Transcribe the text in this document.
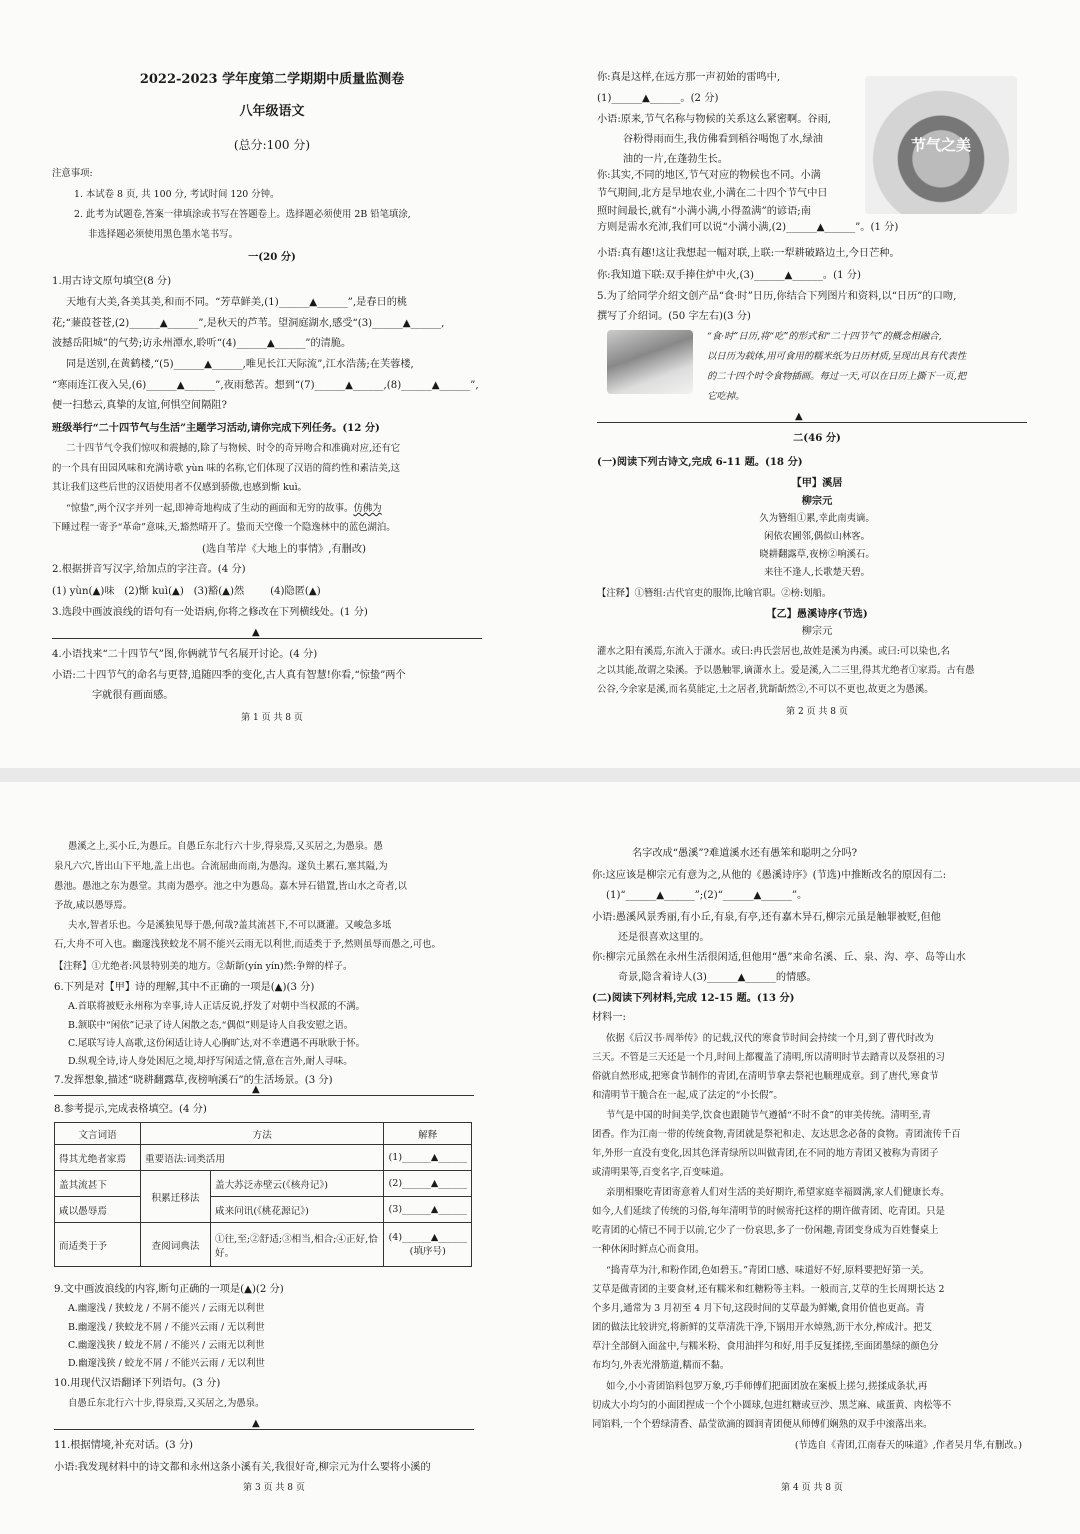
2022-2023 学年度第二学期期中质量监测卷
八年级语文
(总分:100 分)
注意事项:
1. 本试卷 8 页, 共 100 分, 考试时间 120 分钟。
2. 此考为试题卷,答案一律填涂或书写在答题卷上。选择题必须使用 2B 铅笔填涂,
非选择题必须使用黑色墨水笔书写。
一(20 分)
1.用古诗文原句填空(8 分)
天地有大美,各美其美,和而不同。“芳草鲜美,(1)______▲______”,是春日的桃
花;“蒹葭苍苍,(2)______▲______”,是秋天的芦苇。望洞庭湖水,感受“(3)______▲______,
波撼岳阳城”的气势;访永州潭水,聆听“(4)______▲______”的清脆。
同是送别,在黄鹤楼,“(5)______▲______,唯见长江天际流”,江水浩荡;在芙蓉楼,
“寒雨连江夜入吴,(6)______▲______”,夜雨愁苦。想到“(7)______▲______,(8)______▲______”,
便一扫愁云,真挚的友谊,何惧空间隔阻?
班级举行“二十四节气与生活”主题学习活动,请你完成下列任务。(12 分)
二十四节气令我们惊叹和震撼的,除了与物候、时令的奇异吻合和准确对应,还有它
的一个具有田园风味和充满诗歌 yùn 味的名称,它们体现了汉语的简约性和素洁美,这
其让我们这些后世的汉语使用者不仅感到骄傲,也感到惭 kuì。
“惊蛰”,两个汉字并列一起,即神奇地构成了生动的画面和无穷的故事。仿佛为
下睡过程一寄予“革命”意味,天,豁然晴开了。蛰而天空像一个隐逸林中的蓝色湖泊。
(选自苇岸《大地上的事情》,有删改)
2.根据拼音写汉字,给加点的字注音。(4 分)
(1) yùn(▲)味   (2)惭 kuì(▲)   (3)豁(▲)然        (4)隐匿(▲)
3.选段中画波浪线的语句有一处语病,你将之修改在下列横线处。(1 分)
▲
4.小语找来“二十四节气”图,你俩就节气名展开讨论。(4 分)
小语:二十四节气的命名与更替,追随四季的变化,古人真有智慧!你看,“惊蛰”两个
字就很有画面感。
第 1 页 共 8 页
节气之美
你:真是这样,在远方那一声初始的雷鸣中,
(1)______▲______。(2 分)
小语:原来,节气名称与物候的关系这么紧密啊。谷雨,
谷粉得雨而生,我仿佛看到稻谷喝饱了水,绿油
油的一片,在蓬勃生长。
你:其实,不同的地区,节气对应的物候也不同。小满
节气期间,北方是旱地农业,小满在二十四个节气中日
照时间最长,就有“小满小满,小得盈满”的谚语;南
方则是需水充沛,我们可以说“小满小满,(2)______▲______”。(1 分)
小语:真有趣!这让我想起一幅对联,上联:一犁耕破路边土,今日芒种。
你:我知道下联:双手捧住炉中火,(3)______▲______。(1 分)
5.为了给同学介绍文创产品“食·时”日历,你结合下列图片和资料,以“日历”的口吻,
撰写了介绍词。(50 字左右)(3 分)
“食·时”日历,将“吃”的形式和“二十四节气”的概念相融合,
以日历为载体,用可食用的糯米纸为日历材质,呈现出具有代表性
的二十四个时令食物插画。每过一天,可以在日历上撕下一页,把
它吃掉。
▲
二(46 分)
(一)阅读下列古诗文,完成 6-11 题。(18 分)
【甲】溪居
柳宗元
久为簪组①累,幸此南夷谪。
闲依农圃邻,偶似山林客。
晓耕翻露草,夜榜②响溪石。
来往不逢人,长歌楚天碧。
【注释】①簪组:古代官吏的服饰,比喻官职。②榜:划船。
【乙】愚溪诗序(节选)
柳宗元
灌水之阳有溪焉,东流入于潇水。或曰:冉氏尝居也,故姓是溪为冉溪。或曰:可以染也,名
之以其能,故谓之染溪。予以愚触罪,谪潇水上。爱是溪,入二三里,得其尤绝者①家焉。古有愚
公谷,今余家是溪,而名莫能定,土之居者,犹龂龂然②,不可以不更也,故更之为愚溪。
第 2 页 共 8 页
愚溪之上,买小丘,为愚丘。自愚丘东北行六十步,得泉焉,又买居之,为愚泉。愚
泉凡六穴,皆出山下平地,盖上出也。合流屈曲而南,为愚沟。遂负土累石,塞其隘,为
愚池。愚池之东为愚堂。其南为愚亭。池之中为愚岛。嘉木异石错置,皆山水之奇者,以
予故,咸以愚辱焉。
夫水,智者乐也。今是溪独见辱于愚,何哉?盖其流甚下,不可以溉灌。又峻急多坻
石,大舟不可入也。幽邃浅狭蛟龙不屑不能兴云雨无以利世,而适类于予,然则虽辱而愚之,可也。
【注释】①尤绝者:风景特别美的地方。②龂龂(yín yín)然:争辩的样子。
6.下列是对【甲】诗的理解,其中不正确的一项是(▲)(3 分)
A.首联将被贬永州称为幸事,诗人正话反说,抒发了对朝中当权派的不满。
B.颔联中“闲依”记录了诗人闲散之态,“偶似”则是诗人自我安慰之语。
C.尾联写诗人高歌,这份闲适让诗人心胸旷达,对不幸遭遇不再耿耿于怀。
D.纵观全诗,诗人身处困厄之境,却抒写闲适之情,意在言外,耐人寻味。
7.发挥想象,描述“晓耕翻露草,夜榜响溪石”的生活场景。(3 分)
▲
8.参考提示,完成表格填空。(4 分)
文言词语	方法		解释
得其尤绝者家焉	重要语法:词类活用		(1)______▲______
盖其流甚下	积累迁移法	盖大苏泛赤壁云(《核舟记》)	(2)______▲______
咸以愚辱焉		咸来问讯(《桃花源记》)	(3)______▲______
而适类于予	查阅词典法	①往,至;②舒适;③相当,相合;④正好,恰好。	(4)______▲______
(填序号)
9.文中画波浪线的内容,断句正确的一项是(▲)(2 分)
A.幽邃浅 / 狭蛟龙 / 不屑不能兴 / 云雨无以利世
B.幽邃浅 / 狭蛟龙不屑 / 不能兴云雨 / 无以利世
C.幽邃浅狭 / 蛟龙不屑 / 不能兴 / 云雨无以利世
D.幽邃浅狭 / 蛟龙不屑 / 不能兴云雨 / 无以利世
10.用现代汉语翻译下列语句。(3 分)
自愚丘东北行六十步,得泉焉,又买居之,为愚泉。
▲
11.根据情境,补充对话。(3 分)
小语:我发现材料中的诗文都和永州这条小溪有关,我很好奇,柳宗元为什么要将小溪的
第 3 页 共 8 页
名字改成“愚溪”?难道溪水还有愚笨和聪明之分吗?
你:这应该是柳宗元有意为之,从他的《愚溪诗序》(节选)中推断改名的原因有二:
(1)“______▲______”;(2)“______▲______”。
小语:愚溪风景秀丽,有小丘,有泉,有亭,还有嘉木异石,柳宗元虽是触罪被贬,但他
还是很喜欢这里的。
你:柳宗元虽然在永州生活很闲适,但他用“愚”来命名溪、丘、泉、沟、亭、岛等山水
奇景,隐含着诗人(3)______▲______的情感。
(二)阅读下列材料,完成 12-15 题。(13 分)
材料一:
依据《后汉书·周举传》的记载,汉代的寒食节时间会持续一个月,到了曹代时改为
三天。不管是三天还是一个月,时间上都覆盖了清明,所以清明时节去踏青以及祭祖的习
俗就自然形成,把寒食节制作的青团,在清明节拿去祭祀也顺理成章。到了唐代,寒食节
和清明节干脆合在一起,成了法定的“小长假”。
节气是中国的时间美学,饮食也跟随节气遵循“不时不食”的审美传统。清明至,青
团香。作为江南一带的传统食物,青团就是祭祀和走、友达思念必备的食物。青团流传千百
年,外形一直没有变化,因其色泽青绿所以叫做青团,在不同的地方青团又被称为青团子
或清明果等,百变名字,百变味道。
亲朋相聚吃青团寄意着人们对生活的美好期许,希望家庭幸福圆满,家人们健康长寿。
如今,人们延续了传统的习俗,每年清明节的时候寄托这样的期许做青团、吃青团。只是
吃青团的心情已不同于以前,它少了一份哀思,多了一份闲趣,青团变身成为百姓餐桌上
一种休闲时鲜点心而食用。
“捣青草为汁,和粉作团,色如碧玉。”青团口感、味道好不好,原料要把好第一关。
艾草是做青团的主要食材,还有糯米和红糖粉等主料。一般而言,艾草的生长周期长达 2
个多月,通常为 3 月初至 4 月下旬,这段时间的艾草最为鲜嫩,食用价值也更高。青
团的做法比较讲究,将新鲜的艾草清洗干净,下锅用开水焯熟,沥干水分,榨成汁。把艾
草汁全部倒入面盆中,与糯米粉、食用油拌匀和好,用手反复揉搓,至面团墨绿的颜色分
布均匀,外表光滑筋道,糯而不黏。
如今,小小青团馅料包罗万象,巧手师傅们把面团放在案板上搓匀,搓揉成条状,再
切成大小均匀的小面团捏成一个个小圆球,包进红糖或豆沙、黑芝麻、咸蛋黄、肉松等不
同馅料,一个个碧绿清香、晶莹欲滴的圆润青团便从师傅们娴熟的双手中滚落出来。
(节选自《青团,江南春天的味道》,作者吴月华,有删改。)
第 4 页 共 8 页
